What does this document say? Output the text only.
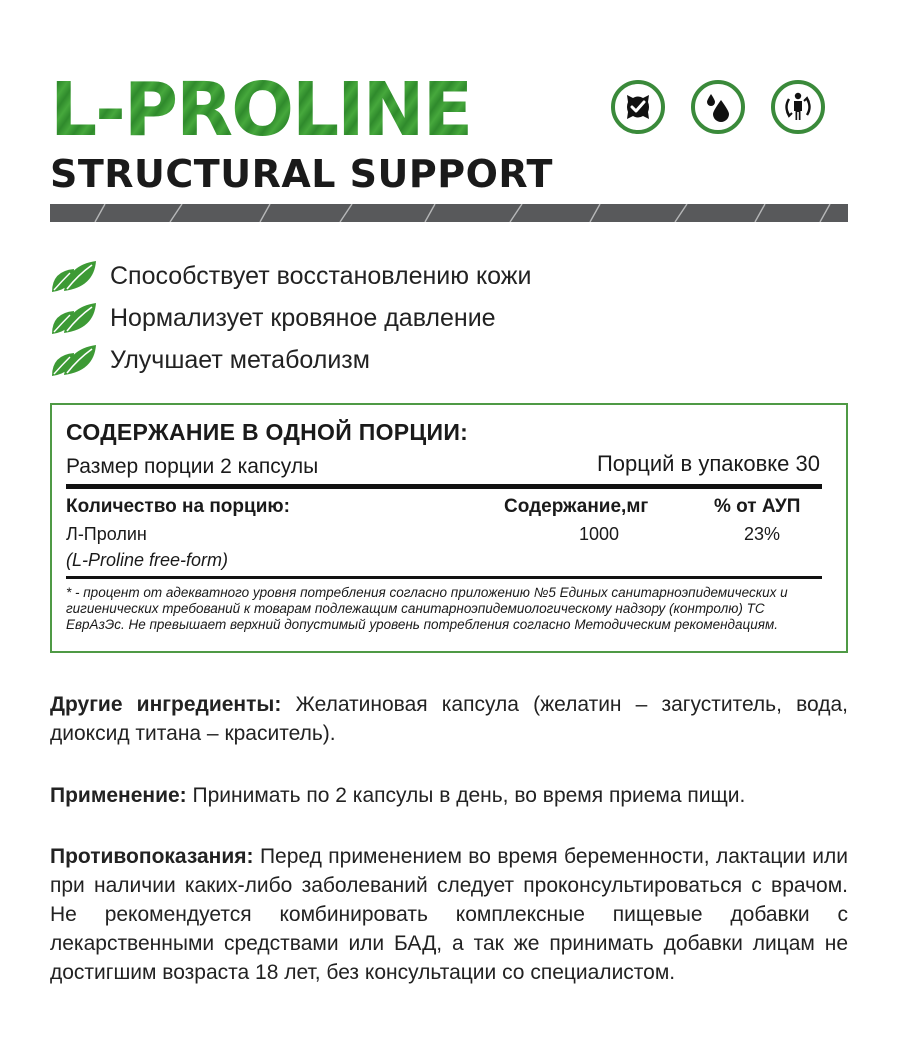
L-PROLINE
STRUCTURAL SUPPORT
Способствует восстановлению кожи
Нормализует кровяное давление
Улучшает метаболизм

СОДЕРЖАНИЕ В ОДНОЙ ПОРЦИИ:

Размер порции 2 капсулы	Порций в упаковке 30

Количество на порцию:	Содержание,мг	% от АУП

Л-Пролин	1000	23%

(L-Proline free-form)

* - процент от адекватного уровня потребления согласно приложению №5 Единых санитарноэпидемических и гигиенических требований к товарам подлежащим санитарноэпидемиологическому надзору (контролю) ТС ЕврАзЭс. Не превышает верхний допустимый уровень потребления согласно Методическим рекомендациям.

Другие ингредиенты: Желатиновая капсула (желатин – загуститель, вода, диоксид титана – краситель).

Применение: Принимать по 2 капсулы в день, во время приема пищи.

Противопоказания: Перед применением во время беременности, лактации или при наличии каких-либо заболеваний следует проконсультироваться с врачом. Не рекомендуется комбинировать комплексные пищевые добавки с лекарственными средствами или БАД, а так же принимать добавки лицам не достигшим возраста 18 лет, без консультации со специалистом.
